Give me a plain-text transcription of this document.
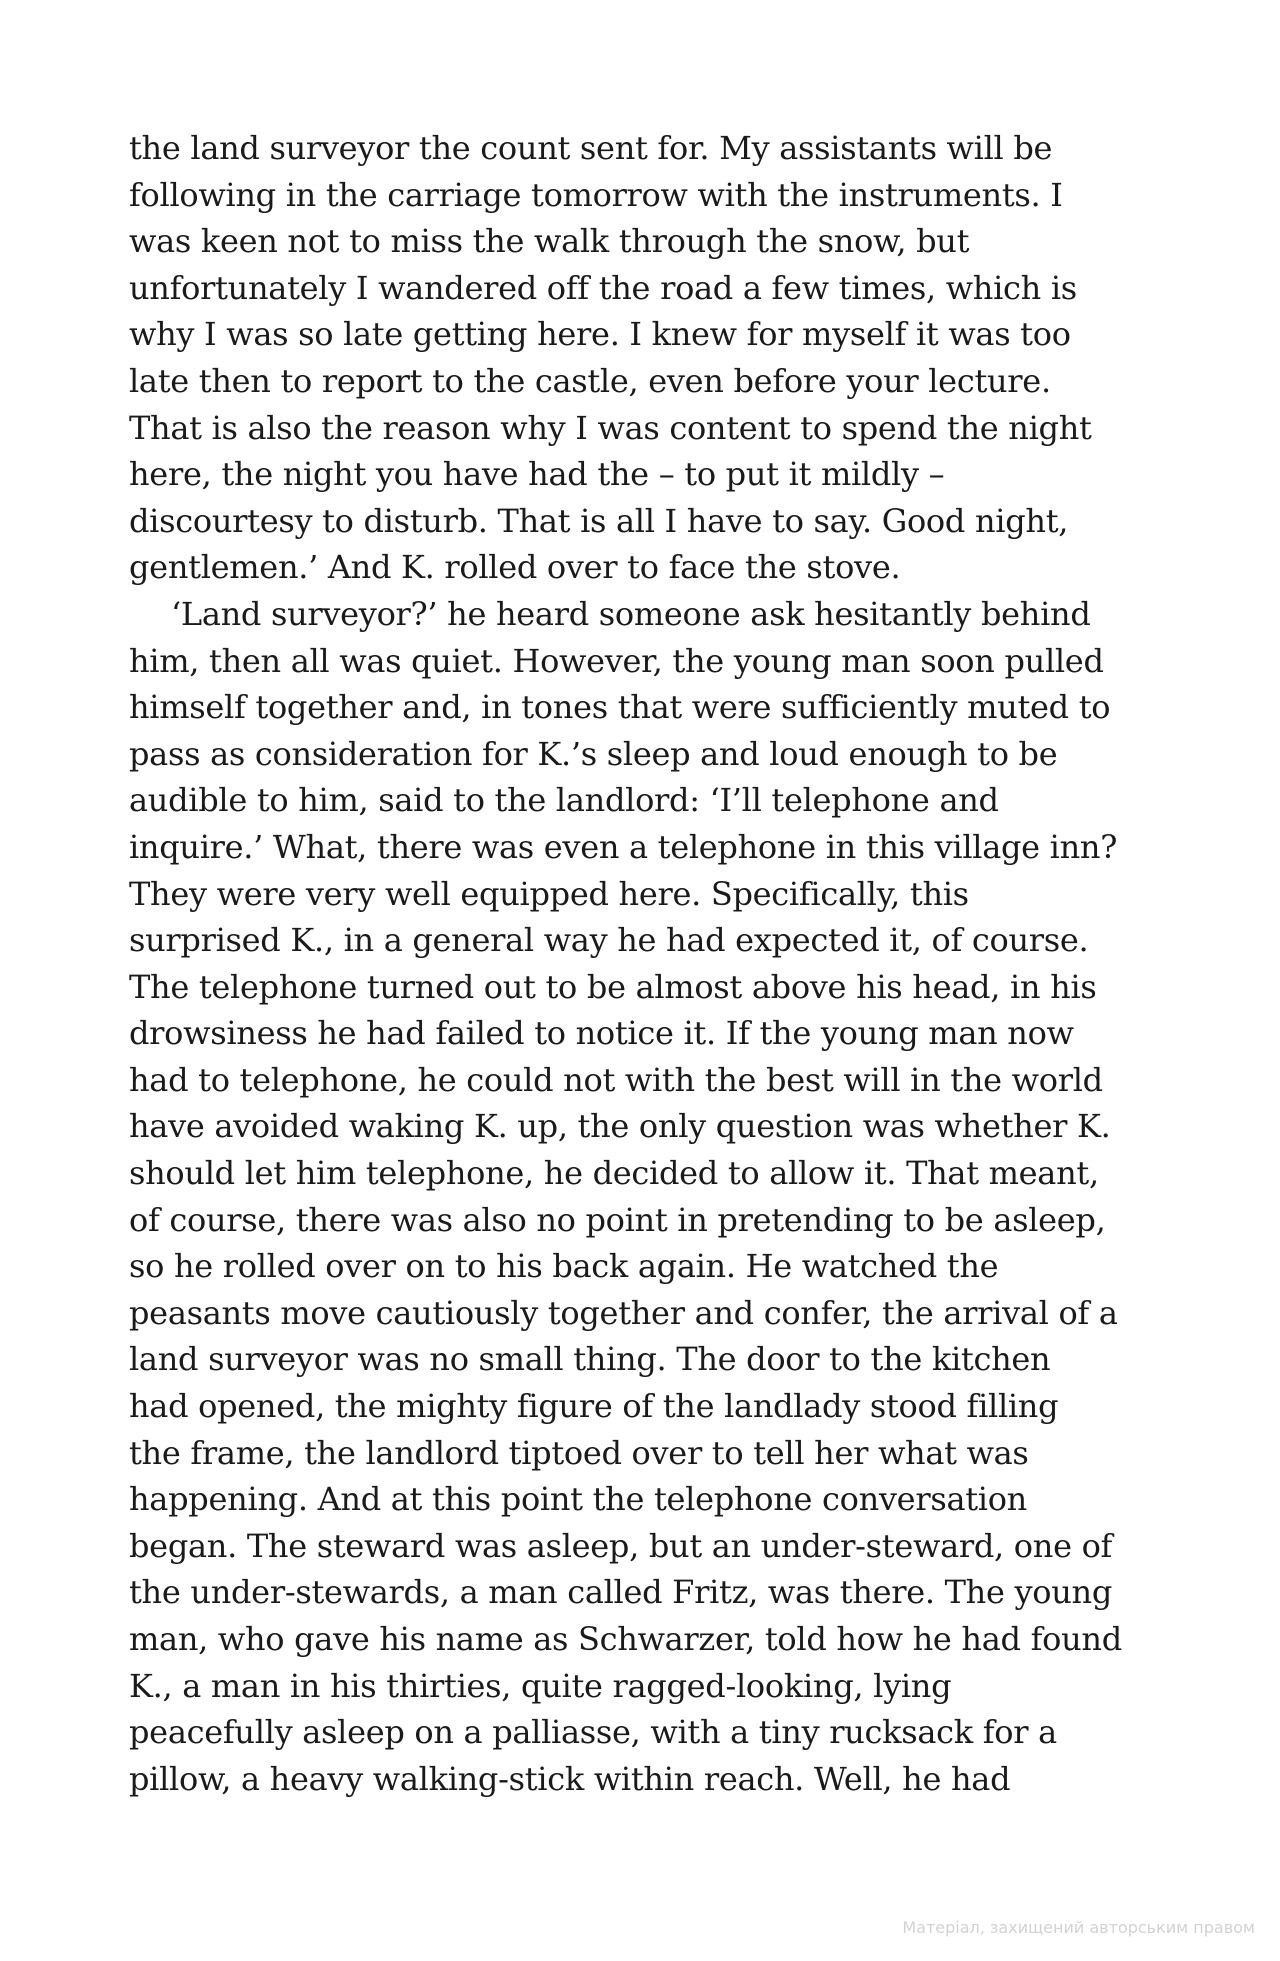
the land surveyor the count sent for. My assistants will be
following in the carriage tomorrow with the instruments. I
was keen not to miss the walk through the snow, but
unfortunately I wandered off the road a few times, which is
why I was so late getting here. I knew for myself it was too
late then to report to the castle, even before your lecture.
That is also the reason why I was content to spend the night
here, the night you have had the – to put it mildly –
discourtesy to disturb. That is all I have to say. Good night,
gentlemen.’ And K. rolled over to face the stove.
‘Land surveyor?’ he heard someone ask hesitantly behind
him, then all was quiet. However, the young man soon pulled
himself together and, in tones that were sufficiently muted to
pass as consideration for K.’s sleep and loud enough to be
audible to him, said to the landlord: ‘I’ll telephone and
inquire.’ What, there was even a telephone in this village inn?
They were very well equipped here. Specifically, this
surprised K., in a general way he had expected it, of course.
The telephone turned out to be almost above his head, in his
drowsiness he had failed to notice it. If the young man now
had to telephone, he could not with the best will in the world
have avoided waking K. up, the only question was whether K.
should let him telephone, he decided to allow it. That meant,
of course, there was also no point in pretending to be asleep,
so he rolled over on to his back again. He watched the
peasants move cautiously together and confer, the arrival of a
land surveyor was no small thing. The door to the kitchen
had opened, the mighty figure of the landlady stood filling
the frame, the landlord tiptoed over to tell her what was
happening. And at this point the telephone conversation
began. The steward was asleep, but an under-steward, one of
the under-stewards, a man called Fritz, was there. The young
man, who gave his name as Schwarzer, told how he had found
K., a man in his thirties, quite ragged-looking, lying
peacefully asleep on a palliasse, with a tiny rucksack for a
pillow, a heavy walking-stick within reach. Well, he had
Матеріал, захищений авторським правом
